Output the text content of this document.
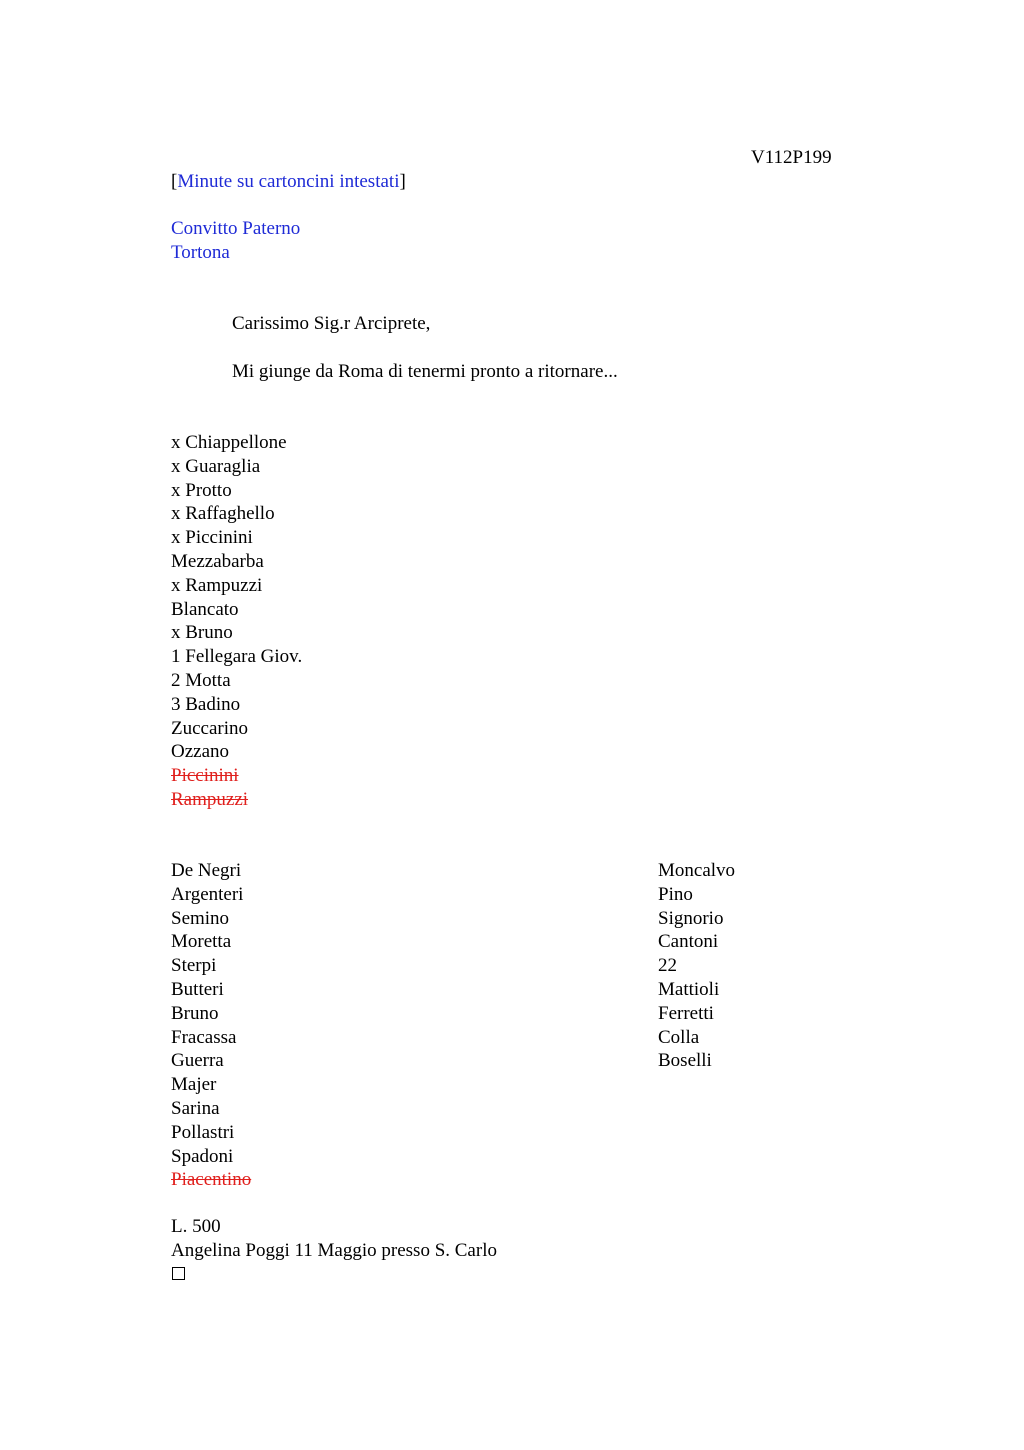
V112P199
[Minute su cartoncini intestati]
Convitto Paterno
Tortona
Carissimo Sig.r Arciprete,
Mi giunge da Roma di tenermi pronto a ritornare...
x Chiappellone
x Guaraglia
x Protto
x Raffaghello
x Piccinini
Mezzabarba
x Rampuzzi
Blancato
x Bruno
1 Fellegara Giov.
2 Motta
3 Badino
Zuccarino
Ozzano
Piccinini
Rampuzzi
De Negri
Argenteri
Semino
Moretta
Sterpi
Butteri
Bruno
Fracassa
Guerra
Majer
Sarina
Pollastri
Spadoni
Piacentino
Moncalvo
Pino
Signorio
Cantoni
22
Mattioli
Ferretti
Colla
Boselli
L. 500
Angelina Poggi 11 Maggio presso S. Carlo
